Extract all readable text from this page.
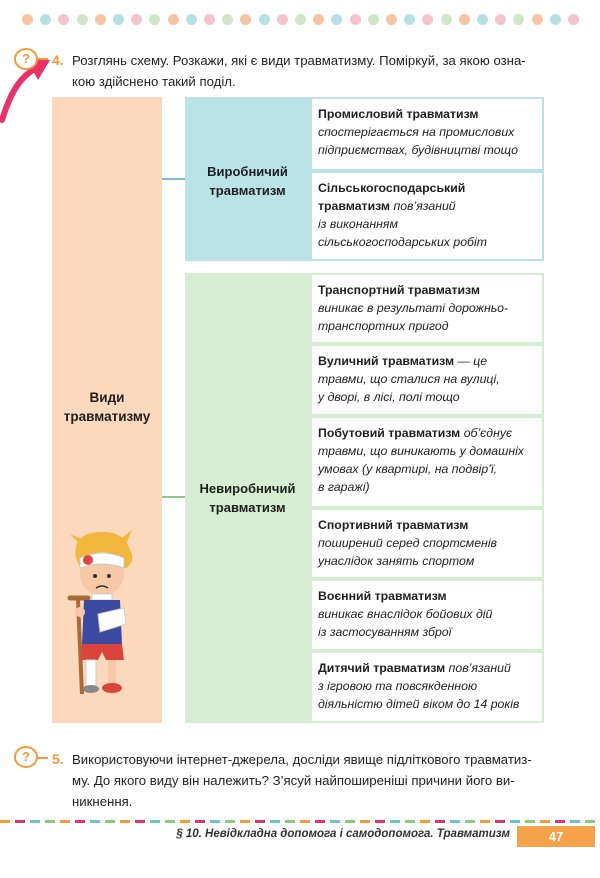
?	4. Розглянь схему. Розкажи, які є види травматизму. Поміркуй, за якою озна-
кою здійснено такий поділ.
Види
травматизму
Виробничий
травматизм
Невиробничий
травматизм
Промисловий травматизм
спостерігається на промислових
підприємствах, будівництві тощо
Сільськогосподарський
травматизм пов’язаний
із виконанням
сільськогосподарських робіт
Транспортний травматизм
виникає в результаті дорожньо-
транспортних пригод
Вуличний травматизм — це
травми, що сталися на вулиці,
у дворі, в лісі, полі тощо
Побутовий травматизм об’єднує
травми, що виникають у домашніх
умовах (у квартирі, на подвір’ї,
в гаражі)
Спортивний травматизм
поширений серед спортсменів
унаслідок занять спортом
Воєнний травматизм
виникає внаслідок бойових дій
із застосуванням зброї
Дитячий травматизм пов’язаний
з ігровою та повсякденною
діяльністю дітей віком до 14 років
?	5. Використовуючи інтернет-джерела, досліди явище підліткового травматиз-
му. До якого виду він належить? З’ясуй найпоширеніші причини його ви-
никнення.
§ 10. Невідкладна допомога і самодопомога. Травматизм	47
